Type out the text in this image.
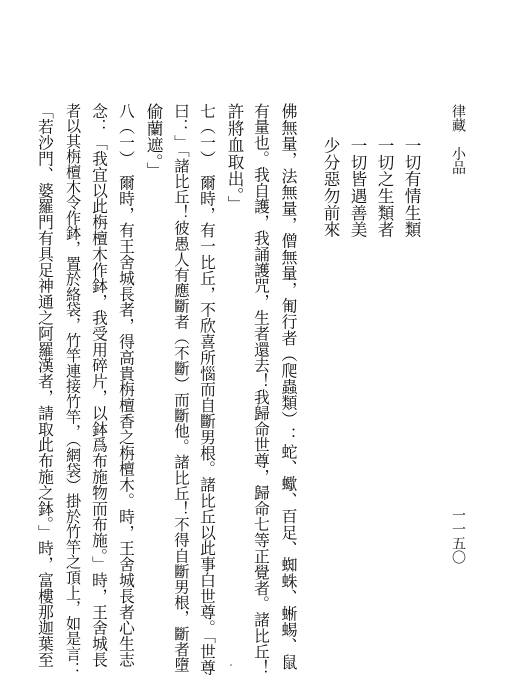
律藏　小品
一一五〇
一切有情生類
一切之生類者
一切皆遇善美
少分惡勿前來
佛無量，法無量，僧無量，匍行者（爬蟲類）：蛇、蠍、百足、蜘蛛、蜥蜴、鼠
有量也。我自護，我誦護咒，生者還去！我歸命世尊，歸命七等正覺者。諸比丘！
許將血取出。」
七（一）　爾時，有一比丘，不欣喜所惱而自斷男根。諸比丘以此事白世尊。「世尊
曰：」「諸比丘！彼愚人有應斷者（不斷）而斷他。諸比丘！不得自斷男根，斷者墮
偷蘭遮。」
八（一）　爾時，有王舍城長者，得高貴栴檀香之栴檀木。時，王舍城長者心生志
念：「我宜以此栴檀木作鉢，我受用碎片，以鉢爲布施物而布施。」時，王舍城長
者以其栴檀木令作鉢，置於絡袋，竹竿連接竹竿，（網袋）掛於竹竿之頂上，如是言：
「若沙門、婆羅門有具足神通之阿羅漢者，請取此布施之鉢。」時，富樓那迦葉至
